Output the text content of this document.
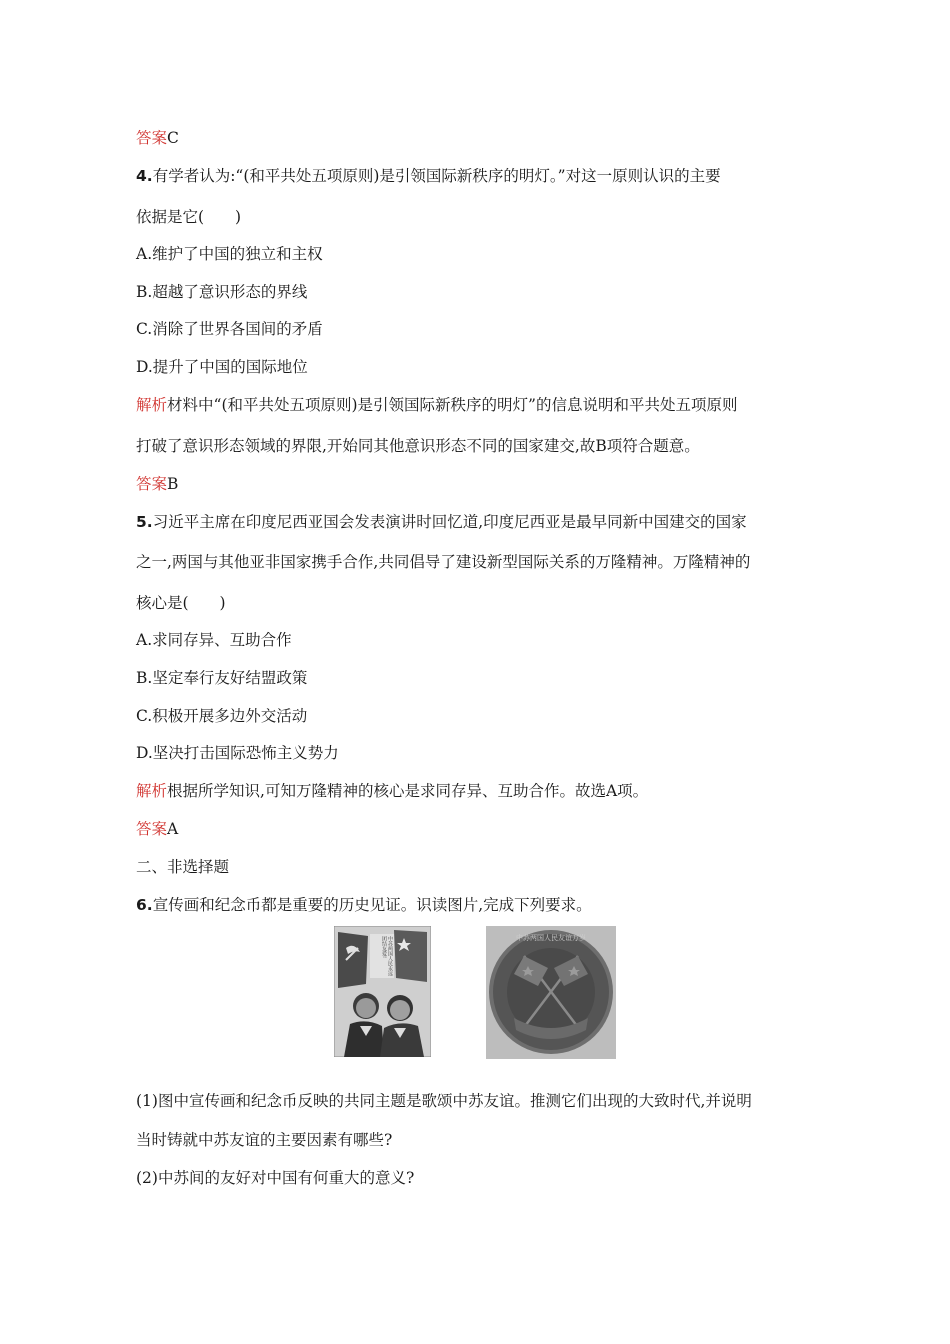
答案C
4.有学者认为:“(和平共处五项原则)是引领国际新秩序的明灯。”对这一原则认识的主要
依据是它(　　)
A.维护了中国的独立和主权
B.超越了意识形态的界线
C.消除了世界各国间的矛盾
D.提升了中国的国际地位
解析材料中“(和平共处五项原则)是引领国际新秩序的明灯”的信息说明和平共处五项原则
打破了意识形态领域的界限,开始同其他意识形态不同的国家建交,故B项符合题意。
答案B
5.习近平主席在印度尼西亚国会发表演讲时回忆道,印度尼西亚是最早同新中国建交的国家
之一,两国与其他亚非国家携手合作,共同倡导了建设新型国际关系的万隆精神。万隆精神的
核心是(　　)
A.求同存异、互助合作
B.坚定奉行友好结盟政策
C.积极开展多边外交活动
D.坚决打击国际恐怖主义势力
解析根据所学知识,可知万隆精神的核心是求同存异、互助合作。故选A项。
答案A
二、非选择题
6.宣传画和纪念币都是重要的历史见证。识读图片,完成下列要求。
中苏两国人民永远团结友爱!	中苏两国人民友谊万岁
(1)图中宣传画和纪念币反映的共同主题是歌颂中苏友谊。推测它们出现的大致时代,并说明
当时铸就中苏友谊的主要因素有哪些?
(2)中苏间的友好对中国有何重大的意义?
